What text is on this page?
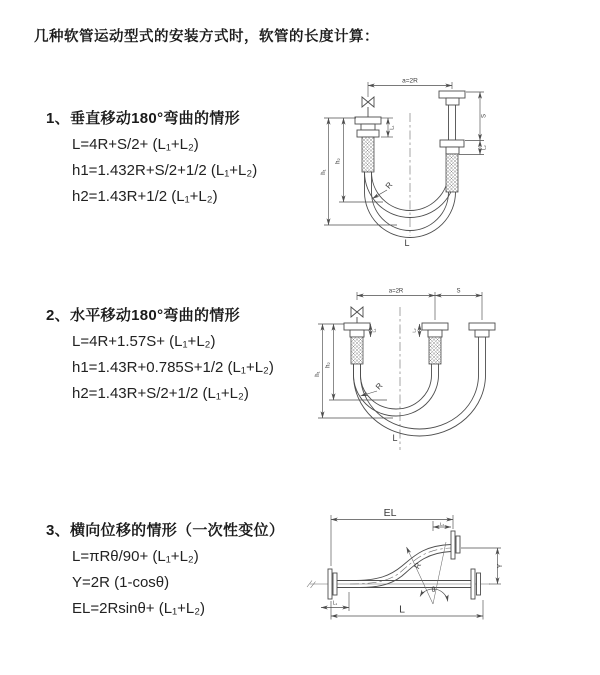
几种软管运动型式的安装方式时，软管的长度计算：
1、垂直移动180°弯曲的情形
L=4R+S/2+ (L₁+L₂)
h1=1.432R+S/2+1/2 (L₁+L₂)
h2=1.43R+1/2 (L₁+L₂)
2、水平移动180°弯曲的情形
L=4R+1.57S+ (L₁+L₂)
h1=1.43R+0.785S+1/2 (L₁+L₂)
h2=1.43R+S/2+1/2 (L₁+L₂)
3、横向位移的情形（一次性变位）
L=πRθ/90+ (L₁+L₂)
Y=2R (1-cosθ)
EL=2Rsinθ+ (L₁+L₂)
a=2R
S
L₂
h₁
h₂
L₁
R
L
a=2R	S
h₁
h₂
L₁	L₂
R
L
EL
L₂
Y
R
θ
L₁	L
